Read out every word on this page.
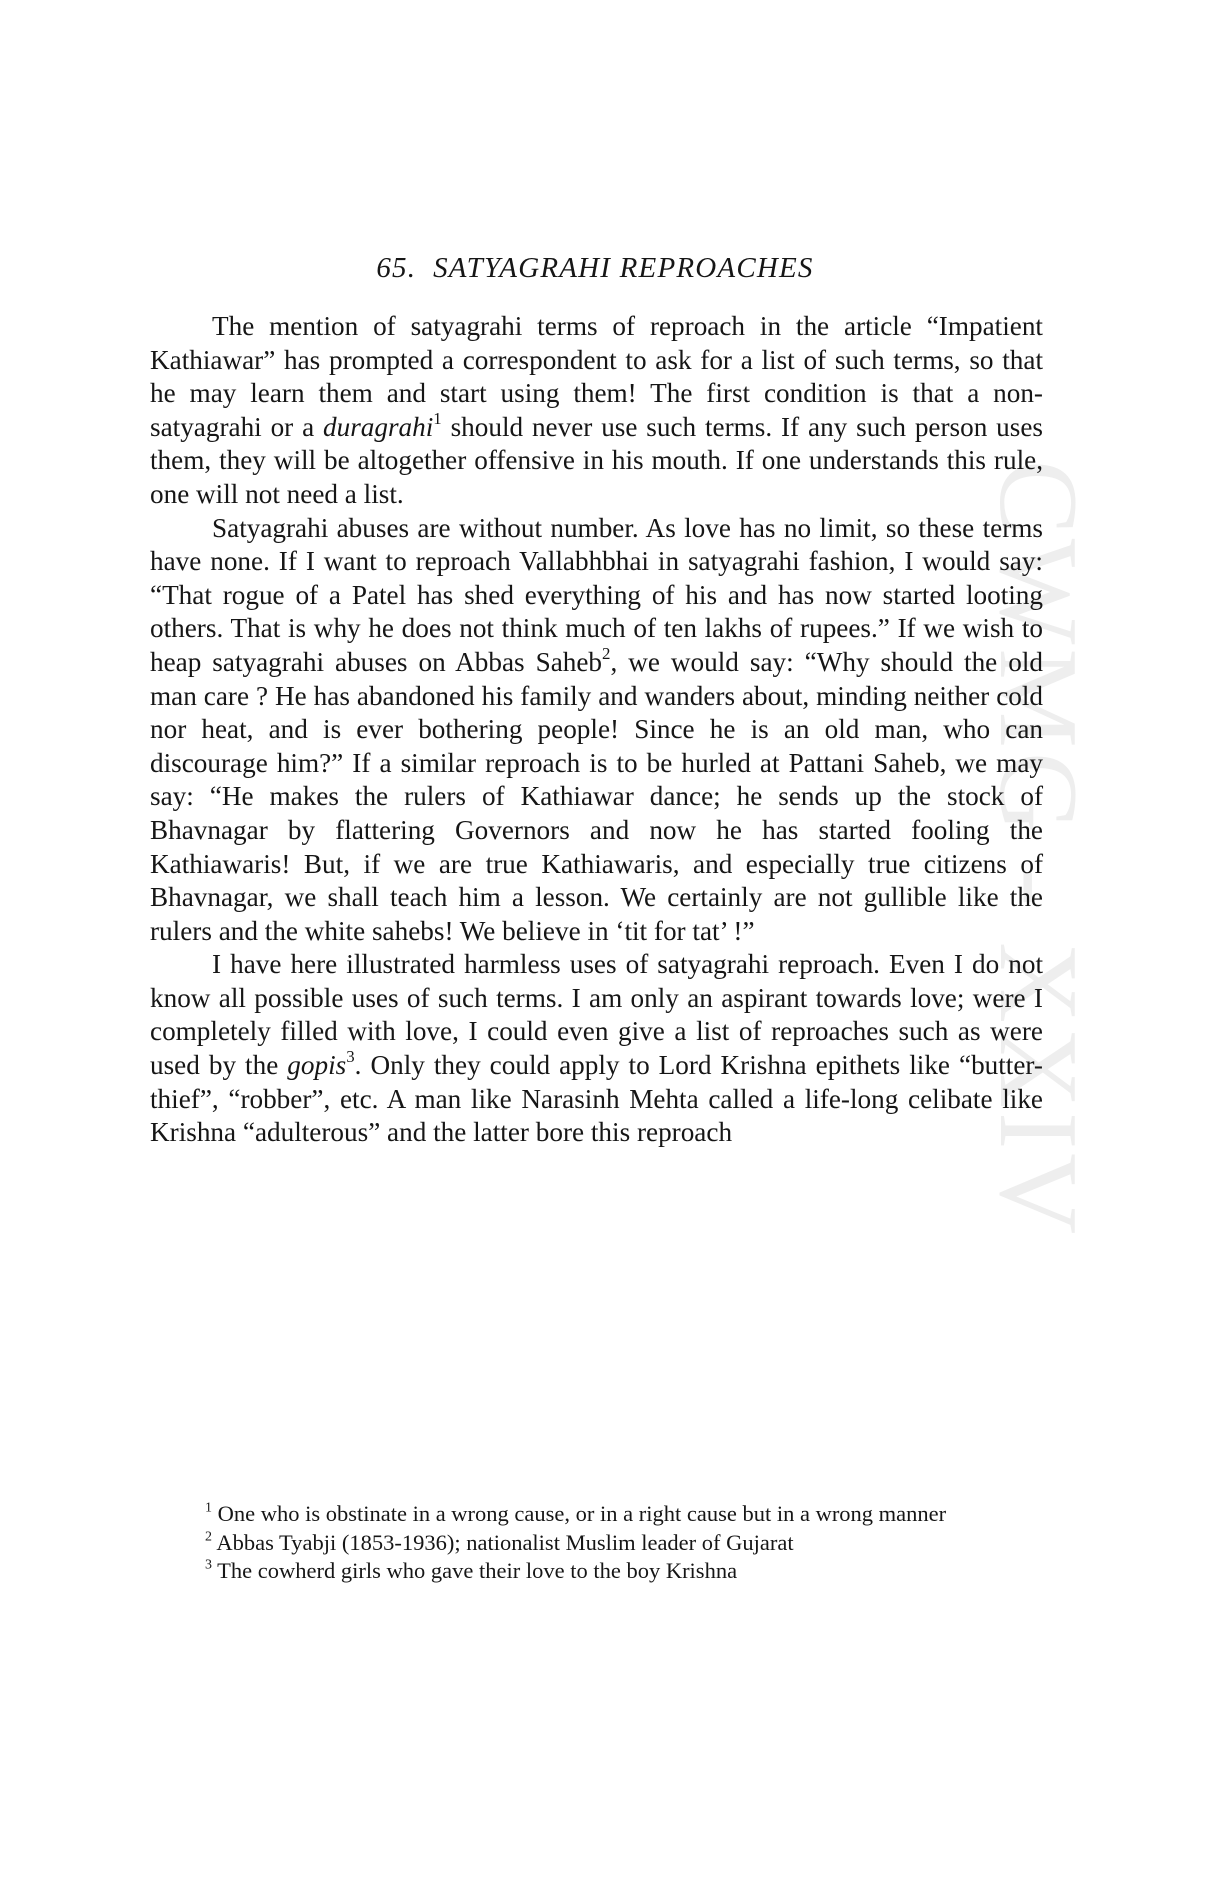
CWMG - XXIV
65. SATYAGRAHI REPROACHES

The mention of satyagrahi terms of reproach in the article “Impatient Kathiawar” has prompted a correspondent to ask for a list of such terms, so that he may learn them and start using them! The first condition is that a non-satyagrahi or a duragrahi$^1$ should never use such terms. If any such person uses them, they will be altogether offensive in his mouth. If one understands this rule, one will not need a list.

Satyagrahi abuses are without number. As love has no limit, so these terms have none. If I want to reproach Vallabhbhai in satyagrahi fashion, I would say: “That rogue of a Patel has shed everything of his and has now started looting others. That is why he does not think much of ten lakhs of rupees.” If we wish to heap satyagrahi abuses on Abbas Saheb$^2$, we would say: “Why should the old man care ? He has abandoned his family and wanders about, minding neither cold nor heat, and is ever bothering people! Since he is an old man, who can discourage him?” If a similar reproach is to be hurled at Pattani Saheb, we may say: “He makes the rulers of Kathiawar dance; he sends up the stock of Bhavnagar by flattering Governors and now he has started fooling the Kathiawaris! But, if we are true Kathiawaris, and especially true citizens of Bhavnagar, we shall teach him a lesson. We certainly are not gullible like the rulers and the white sahebs! We believe in ‘tit for tat’ !”

I have here illustrated harmless uses of satyagrahi reproach. Even I do not know all possible uses of such terms. I am only an aspirant towards love; were I completely filled with love, I could even give a list of reproaches such as were used by the gopis$^3$. Only they could apply to Lord Krishna epithets like “butter-thief”, “robber”, etc. A man like Narasinh Mehta called a life-long celibate like Krishna “adulterous” and the latter bore this reproach

$^1$ One who is obstinate in a wrong cause, or in a right cause but in a wrong manner

$^2$ Abbas Tyabji (1853-1936); nationalist Muslim leader of Gujarat

$^3$ The cowherd girls who gave their love to the boy Krishna
